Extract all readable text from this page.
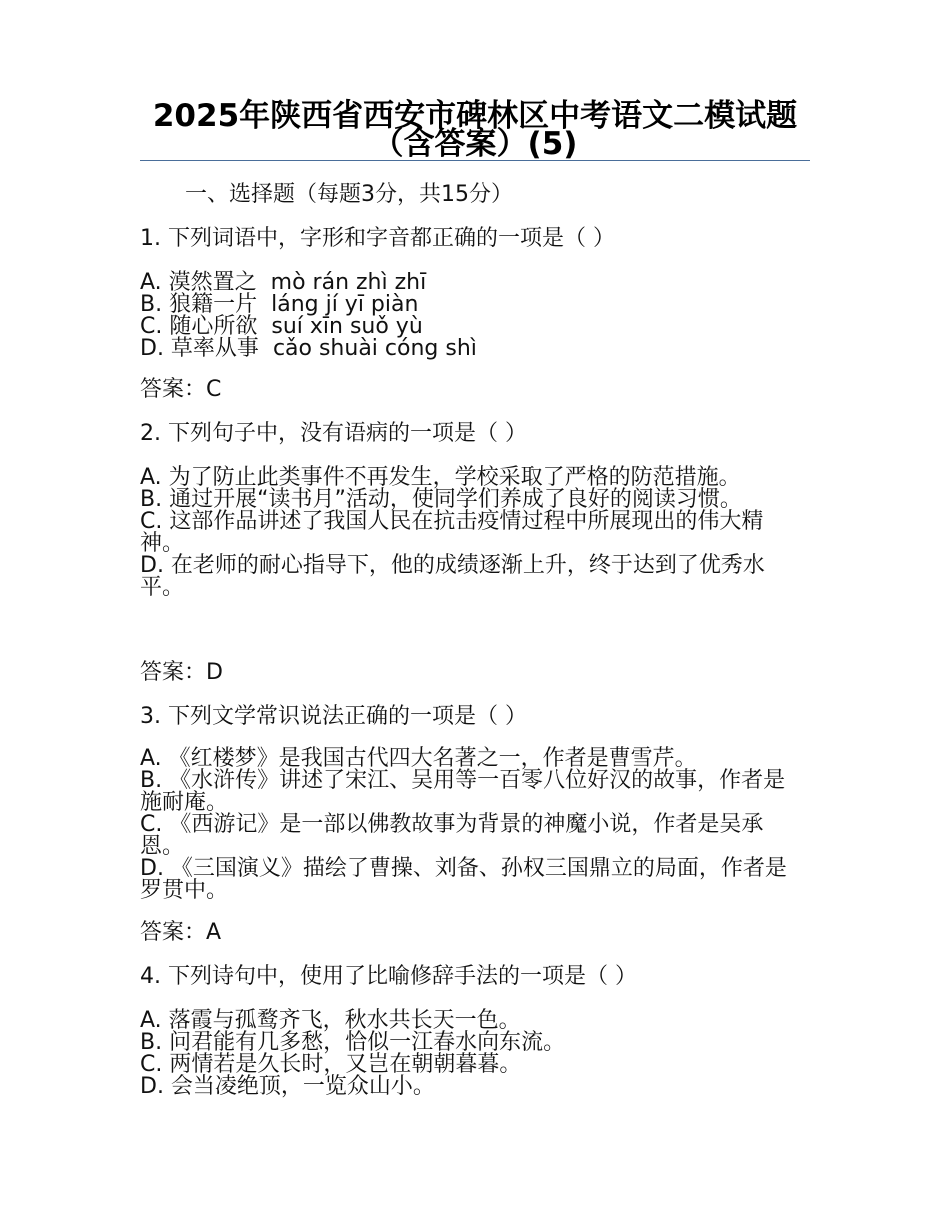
2025年陕西省西安市碑林区中考语文二模试题（含答案）(5)
一、选择题（每题3分，共15分）
1. 下列词语中，字形和字音都正确的一项是（ ）

A. 漠然置之 mò rán zhì zhī

B. 狼籍一片 láng jí yī piàn

C. 随心所欲 suí xīn suǒ yù

D. 草率从事 cǎo shuài cóng shì

答案：C
2. 下列句子中，没有语病的一项是（ ）

A. 为了防止此类事件不再发生，学校采取了严格的防范措施。

B. 通过开展“读书月”活动，使同学们养成了良好的阅读习惯。

C. 这部作品讲述了我国人民在抗击疫情过程中所展现出的伟大精神。

D. 在老师的耐心指导下，他的成绩逐渐上升，终于达到了优秀水平。

答案：D
3. 下列文学常识说法正确的一项是（ ）

A. 《红楼梦》是我国古代四大名著之一，作者是曹雪芹。

B. 《水浒传》讲述了宋江、吴用等一百零八位好汉的故事，作者是施耐庵。

C. 《西游记》是一部以佛教故事为背景的神魔小说，作者是吴承恩。

D. 《三国演义》描绘了曹操、刘备、孙权三国鼎立的局面，作者是罗贯中。

答案：A
4. 下列诗句中，使用了比喻修辞手法的一项是（ ）

A. 落霞与孤鹜齐飞，秋水共长天一色。

B. 问君能有几多愁，恰似一江春水向东流。

C. 两情若是久长时，又岂在朝朝暮暮。

D. 会当凌绝顶，一览众山小。
